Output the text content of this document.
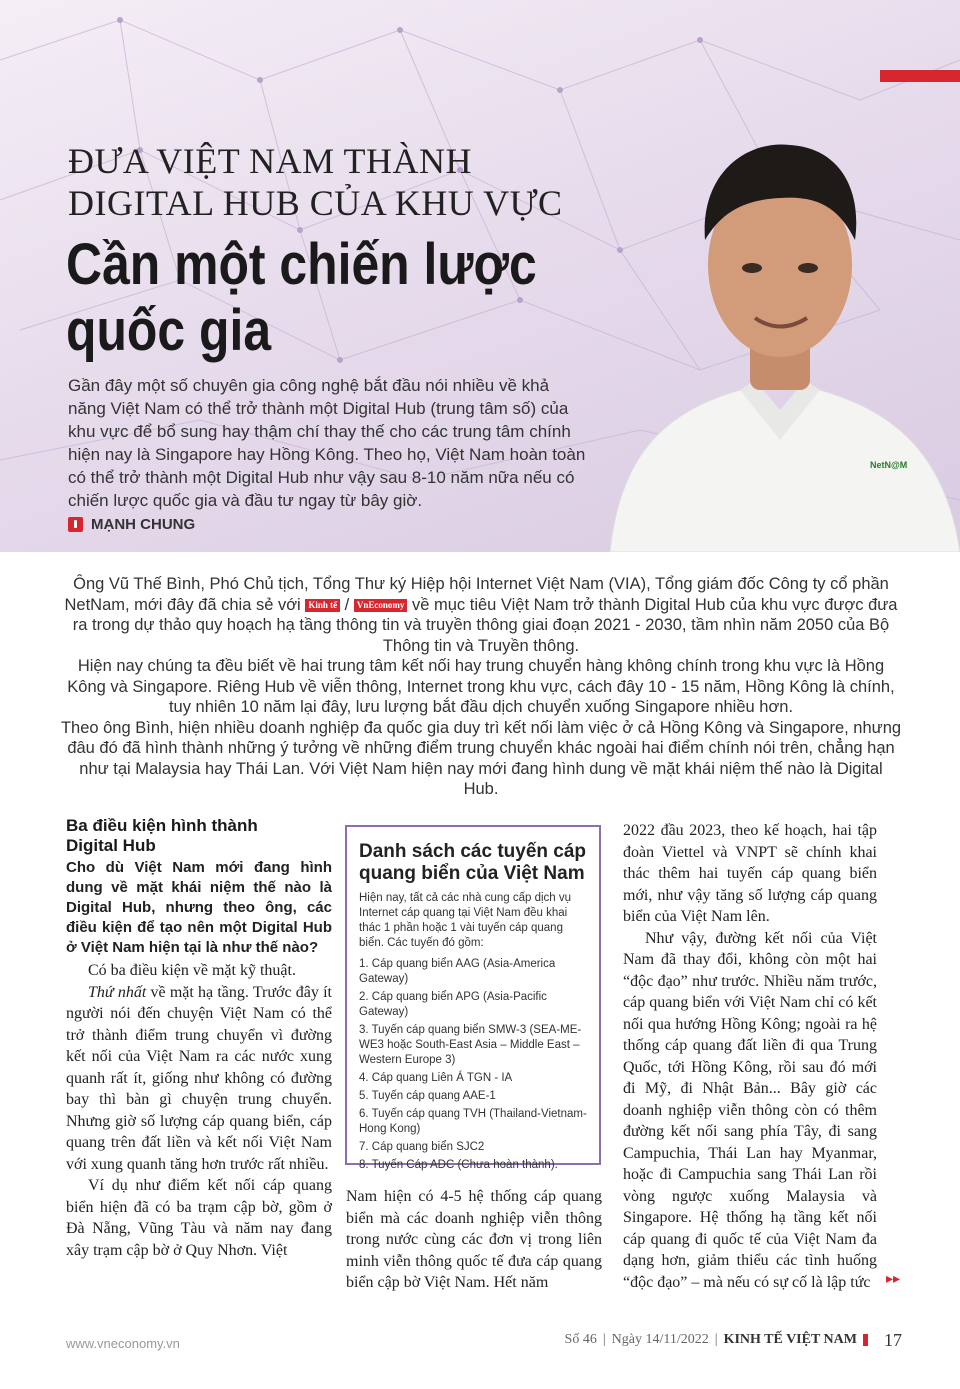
NetN@M
ĐƯA VIỆT NAM THÀNH
DIGITAL HUB CỦA KHU VỰC
Cần một chiến lược
quốc gia
Gần đây một số chuyên gia công nghệ bắt đầu nói nhiều về khả năng Việt Nam có thể trở thành một Digital Hub (trung tâm số) của khu vực để bổ sung hay thậm chí thay thế cho các trung tâm chính hiện nay là Singapore hay Hồng Kông. Theo họ, Việt Nam hoàn toàn có thể trở thành một Digital Hub như vậy sau 8-10 năm nữa nếu có chiến lược quốc gia và đầu tư ngay từ bây giờ.
MẠNH CHUNG

Ông Vũ Thế Bình, Phó Chủ tịch, Tổng Thư ký Hiệp hội Internet Việt Nam (VIA), Tổng giám đốc Công ty cổ phần NetNam, mới đây đã chia sẻ với Kinh tế / VnEconomy về mục tiêu Việt Nam trở thành Digital Hub của khu vực được đưa ra trong dự thảo quy hoạch hạ tầng thông tin và truyền thông giai đoạn 2021 - 2030, tầm nhìn năm 2050 của Bộ Thông tin và Truyền thông.

Hiện nay chúng ta đều biết về hai trung tâm kết nối hay trung chuyển hàng không chính trong khu vực là Hồng Kông và Singapore. Riêng Hub về viễn thông, Internet trong khu vực, cách đây 10 - 15 năm, Hồng Kông là chính, tuy nhiên 10 năm lại đây, lưu lượng bắt đầu dịch chuyển xuống Singapore nhiều hơn.

Theo ông Bình, hiện nhiều doanh nghiệp đa quốc gia duy trì kết nối làm việc ở cả Hồng Kông và Singapore, nhưng đâu đó đã hình thành những ý tưởng về những điểm trung chuyển khác ngoài hai điểm chính nói trên, chẳng hạn như tại Malaysia hay Thái Lan. Với Việt Nam hiện nay mới đang hình dung về mặt khái niệm thế nào là Digital Hub.

Ba điều kiện hình thành
Digital Hub

Cho dù Việt Nam mới đang hình dung về mặt khái niệm thế nào là Digital Hub, nhưng theo ông, các điều kiện để tạo nên một Digital Hub ở Việt Nam hiện tại là như thế nào?

Có ba điều kiện về mặt kỹ thuật.

Thứ nhất về mặt hạ tầng. Trước đây ít người nói đến chuyện Việt Nam có thể trở thành điểm trung chuyển vì đường kết nối của Việt Nam ra các nước xung quanh rất ít, giống như không có đường bay thì bàn gì chuyện trung chuyển. Nhưng giờ số lượng cáp quang biển, cáp quang trên đất liền và kết nối Việt Nam với xung quanh tăng hơn trước rất nhiều.

Ví dụ như điểm kết nối cáp quang biển hiện đã có ba trạm cập bờ, gồm ở Đà Nẵng, Vũng Tàu và năm nay đang xây trạm cập bờ ở Quy Nhơn. Việt

Danh sách các tuyến cáp quang biển của Việt Nam
Hiện nay, tất cả các nhà cung cấp dịch vụ Internet cáp quang tại Việt Nam đều khai thác 1 phần hoặc 1 vài tuyến cáp quang biển. Các tuyến đó gồm:
1. Cáp quang biển AAG (Asia-America Gateway)
2. Cáp quang biển APG (Asia-Pacific Gateway)
3. Tuyến cáp quang biển SMW-3 (SEA-ME-WE3 hoặc South-East Asia – Middle East – Western Europe 3)
4. Cáp quang Liên Á TGN - IA
5. Tuyến cáp quang AAE-1
6. Tuyến cáp quang TVH (Thailand-Vietnam-Hong Kong)
7. Cáp quang biển SJC2
8. Tuyến Cáp ADC (Chưa hoàn thành).
Nam hiện có 4-5 hệ thống cáp quang biển mà các doanh nghiệp viễn thông trong nước cùng các đơn vị trong liên minh viễn thông quốc tế đưa cáp quang biển cập bờ Việt Nam. Hết năm

2022 đầu 2023, theo kế hoạch, hai tập đoàn Viettel và VNPT sẽ chính khai thác thêm hai tuyến cáp quang biển mới, như vậy tăng số lượng cáp quang biển của Việt Nam lên.

Như vậy, đường kết nối của Việt Nam đã thay đổi, không còn một hai “độc đạo” như trước. Nhiều năm trước, cáp quang biển với Việt Nam chỉ có kết nối qua hướng Hồng Kông; ngoài ra hệ thống cáp quang đất liền đi qua Trung Quốc, tới Hồng Kông, rồi sau đó mới đi Mỹ, đi Nhật Bản... Bây giờ các doanh nghiệp viễn thông còn có thêm đường kết nối sang phía Tây, đi sang Campuchia, Thái Lan hay Myanmar, hoặc đi Campuchia sang Thái Lan rồi vòng ngược xuống Malaysia và Singapore. Hệ thống hạ tầng kết nối cáp quang đi quốc tế của Việt Nam đa dạng hơn, giảm thiểu các tình huống “độc đạo” – mà nếu có sự cố là lập tức	▸▸
www.vneconomy.vn	Số 46 | Ngày 14/11/2022 | KINH TẾ VIỆT NAM 17
